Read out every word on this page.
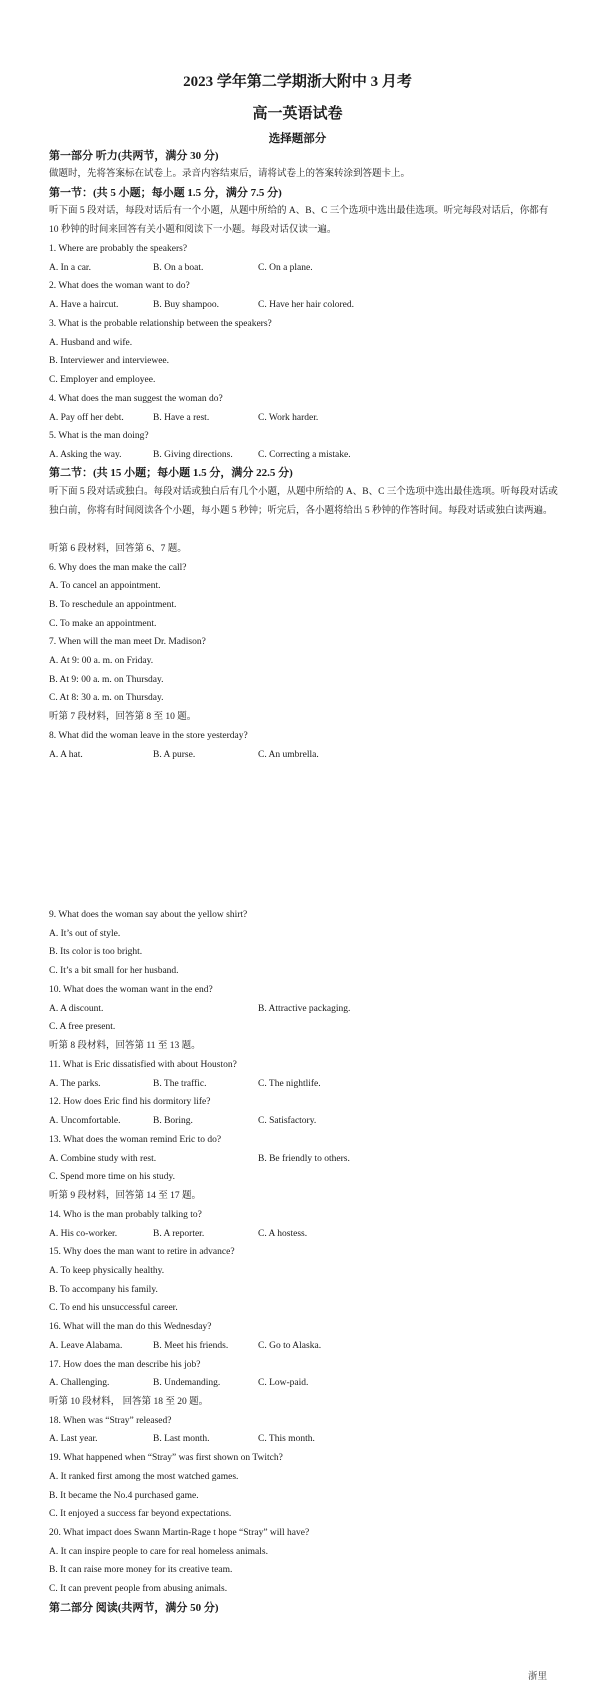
2023 学年第二学期浙大附中 3 月考
高一英语试卷
选择题部分
第一部分 听力(共两节，满分 30 分)
做题时，先将答案标在试卷上。录音内容结束后，请将试卷上的答案转涂到答题卡上。
第一节：(共 5 小题；每小题 1.5 分，满分 7.5 分)
听下面 5 段对话，每段对话后有一个小题，从题中所给的 A、B、C 三个选项中选出最佳选项。听完每段对话后，你都有 10 秒钟的时间来回答有关小题和阅读下一小题。每段对话仅读一遍。
1. Where are probably the speakers?
A. In a car.	B. On a boat.	C. On a plane.
2. What does the woman want to do?
A. Have a haircut.	B. Buy shampoo.	C. Have her hair colored.
3. What is the probable relationship between the speakers?
A. Husband and wife.
B. Interviewer and interviewee.
C. Employer and employee.
4. What does the man suggest the woman do?
A. Pay off her debt.	B. Have a rest.	C. Work harder.
5. What is the man doing?
A. Asking the way.	B. Giving directions.	C. Correcting a mistake.
第二节：(共 15 小题；每小题 1.5 分，满分 22.5 分)
听下面 5 段对话或独白。每段对话或独白后有几个小题，从题中所给的 A、B、C 三个选项中选出最佳选项。听每段对话或独白前，你将有时间阅读各个小题，每小题 5 秒钟；听完后，各小题将给出 5 秒钟的作答时间。每段对话或独白读两遍。
听第 6 段材料，回答第 6、7 题。
6. Why does the man make the call?
A. To cancel an appointment.
B. To reschedule an appointment.
C. To make an appointment.
7. When will the man meet Dr. Madison?
A. At 9: 00 a. m. on Friday.
B. At 9: 00 a. m. on Thursday.
C. At 8: 30 a. m. on Thursday.
听第 7 段材料，回答第 8 至 10 题。
8. What did the woman leave in the store yesterday?
A. A hat.	B. A purse.	C. An umbrella.
9. What does the woman say about the yellow shirt?
A. It’s out of style.
B. Its color is too bright.
C. It’s a bit small for her husband.
10. What does the woman want in the end?
A. A discount.	B. Attractive packaging.
C. A free present.
听第 8 段材料，回答第 11 至 13 题。
11. What is Eric dissatisfied with about Houston?
A. The parks.	B. The traffic.	C. The nightlife.
12. How does Eric find his dormitory life?
A. Uncomfortable.	B. Boring.	C. Satisfactory.
13. What does the woman remind Eric to do?
A. Combine study with rest.	B. Be friendly to others.
C. Spend more time on his study.
听第 9 段材料，回答第 14 至 17 题。
14. Who is the man probably talking to?
A. His co-worker.	B. A reporter.	C. A hostess.
15. Why does the man want to retire in advance?
A. To keep physically healthy.
B. To accompany his family.
C. To end his unsuccessful career.
16. What will the man do this Wednesday?
A. Leave Alabama.	B. Meet his friends.	C. Go to Alaska.
17. How does the man describe his job?
A. Challenging.	B. Undemanding.	C. Low-paid.
听第 10 段材料， 回答第 18 至 20 题。
18. When was “Stray” released?
A. Last year.	B. Last month.	C. This month.
19. What happened when “Stray” was first shown on Twitch?
A. It ranked first among the most watched games.
B. It became the No.4 purchased game.
C. It enjoyed a success far beyond expectations.
20. What impact does Swann Martin-Rage t hope “Stray” will have?
A. It can inspire people to care for real homeless animals.
B. It can raise more money for its creative team.
C. It can prevent people from abusing animals.
第二部分 阅读(共两节，满分 50 分)
浙里
